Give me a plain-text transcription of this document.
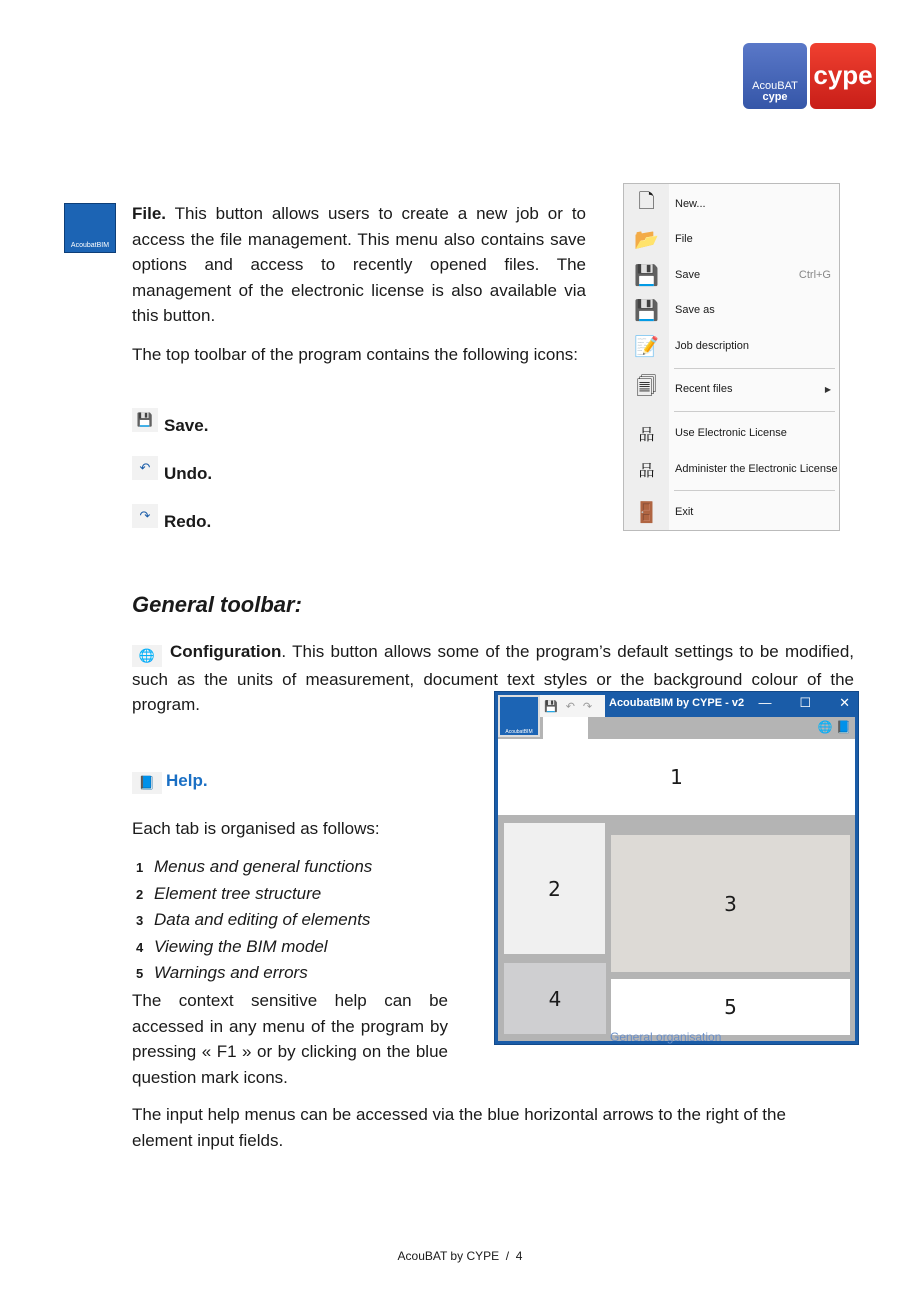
AcouBAT
cype
cype
AcoubatBIM

File. This button allows users to create a new job or to access the file management. This menu also contains save options and access to recently opened files. The management of the electronic license is also available via this button.

The top toolbar of the program contains the following icons:

💾 Save.
↶ Undo.
↷ Redo.
🗋	New...
📂	File
💾	Save	Ctrl+G
💾	Save as
📝	Job description
🗐	Recent files	▶
品	Use Electronic License
品	Administer the Electronic License
🚪	Exit
General toolbar:

🌐 Configuration. This button allows some of the program’s default settings to be modified, such as the units of measurement, document text styles or the background colour of the program.

📘 Help.

Each tab is organised as follows:

1 Menus and general functions
2 Element tree structure
3 Data and editing of elements
4 Viewing the BIM model
5 Warnings and errors

The context sensitive help can be accessed in any menu of the program by pressing « F1 » or by clicking on the blue question mark icons.

AcoubatBIM
💾 ↶ ↷ AcoubatBIM by CYPE - v2 — ☐ ✕
🌐 📘
1
2
3
4	5
General organisation

The input help menus can be accessed via the blue horizontal arrows to the right of the element input fields.

AcouBAT by CYPE  /  4
